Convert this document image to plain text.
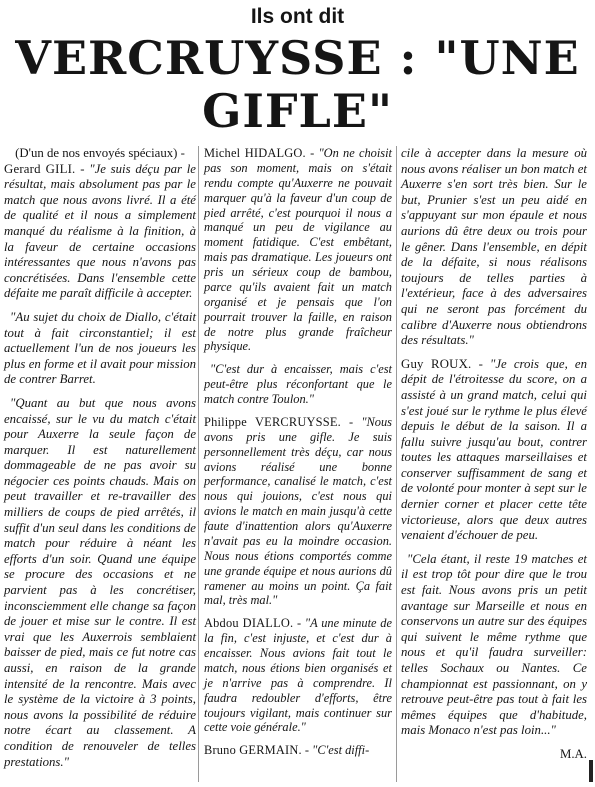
Ils ont dit
VERCRUYSSE : "UNE
GIFLE"
(D'un de nos envoyés spéciaux) -

Gerard GILI. - "Je suis déçu par le résultat, mais absolument pas par le match que nous avons livré. Il a été de qualité et il nous a simplement manqué du réalisme à la finition, à la faveur de certaine occasions intéressantes que nous n'avons pas concrétisées. Dans l'ensemble cette défaite me paraît difficile à accepter.

"Au sujet du choix de Diallo, c'était tout à fait circonstantiel; il est actuellement l'un de nos joueurs les plus en forme et il avait pour mission de contrer Barret.

"Quant au but que nous avons encaissé, sur le vu du match c'était pour Auxerre la seule façon de marquer. Il est naturellement dommageable de ne pas avoir su négocier ces points chauds. Mais on peut travailler et re-travailler des milliers de coups de pied arrêtés, il suffit d'un seul dans les conditions de match pour réduire à néant les efforts d'un soir. Quand une équipe se procure des occasions et ne parvient pas à les concrétiser, inconsciemment elle change sa façon de jouer et mise sur le contre. Il est vrai que les Auxerrois semblaient baisser de pied, mais ce fut notre cas aussi, en raison de la grande intensité de la rencontre. Mais avec le système de la victoire à 3 points, nous avons la possibilité de réduire notre écart au classement. A condition de renouveler de telles prestations."

Michel HIDALGO. - "On ne choisit pas son moment, mais on s'était rendu compte qu'Auxerre ne pouvait marquer qu'à la faveur d'un coup de pied arrêté, c'est pourquoi il nous a manqué un peu de vigilance au moment fatidique. C'est embêtant, mais pas dramatique. Les joueurs ont pris un sérieux coup de bambou, parce qu'ils avaient fait un match organisé et je pensais que l'on pourrait trouver la faille, en raison de notre plus grande fraîcheur physique.

"C'est dur à encaisser, mais c'est peut-être plus réconfortant que le match contre Toulon."

Philippe VERCRUYSSE. - "Nous avons pris une gifle. Je suis personnellement très déçu, car nous avions réalisé une bonne performance, canalisé le match, c'est nous qui jouions, c'est nous qui avions le match en main jusqu'à cette faute d'inattention alors qu'Auxerre n'avait pas eu la moindre occasion. Nous nous étions comportés comme une grande équipe et nous aurions dû ramener au moins un point. Ça fait mal, très mal."

Abdou DIALLO. - "A une minute de la fin, c'est injuste, et c'est dur à encaisser. Nous avions fait tout le match, nous étions bien organisés et je n'arrive pas à comprendre. Il faudra redoubler d'efforts, être toujours vigilant, mais continuer sur cette voie générale."

Bruno GERMAIN. - "C'est diffi-

cile à accepter dans la mesure où nous avons réaliser un bon match et Auxerre s'en sort très bien. Sur le but, Prunier s'est un peu aidé en s'appuyant sur mon épaule et nous aurions dû être deux ou trois pour le gêner. Dans l'ensemble, en dépit de la défaite, si nous réalisons toujours de telles parties à l'extérieur, face à des adversaires qui ne seront pas forcément du calibre d'Auxerre nous obtiendrons des résultats."

Guy ROUX. - "Je crois que, en dépit de l'étroitesse du score, on a assisté à un grand match, celui qui s'est joué sur le rythme le plus élevé depuis le début de la saison. Il a fallu suivre jusqu'au bout, contrer toutes les attaques marseillaises et conserver suffisamment de sang et de volonté pour monter à sept sur le dernier corner et placer cette tête victorieuse, alors que deux autres venaient d'échouer de peu.

"Cela étant, il reste 19 matches et il est trop tôt pour dire que le trou est fait. Nous avons pris un petit avantage sur Marseille et nous en conservons un autre sur des équipes qui suivent le même rythme que nous et qu'il faudra surveiller: telles Sochaux ou Nantes. Ce championnat est passionnant, on y retrouve peut-être pas tout à fait les mêmes équipes que d'habitude, mais Monaco n'est pas loin..."

M.A.
